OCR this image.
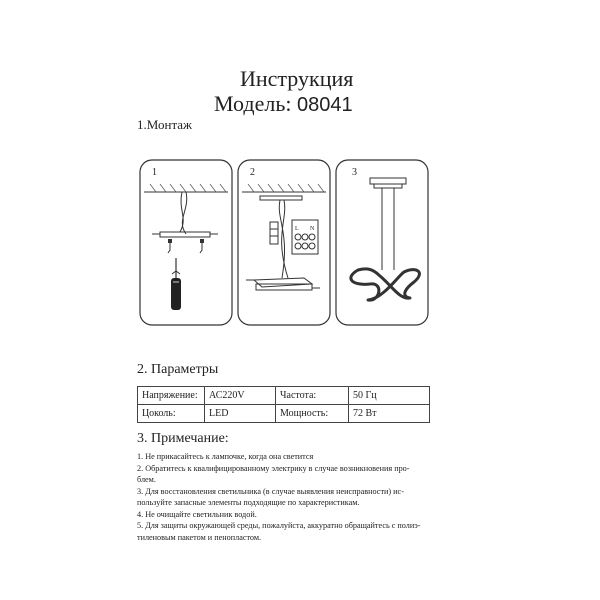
Инструкция
Модель: 08041
1.Монтаж
1	2
L N
3
2. Параметры
Напряжение:	АС220V	Частота:	50 Гц
Цоколь:	LED	Мощность:	72 Вт
3. Примечание:
1. Не прикасайтесь к лампочке, когда она светится
2. Обратитесь к квалифицированному электрику в случае возникновения про-
блем.
3. Для восстановления светильника (в случае выявления неисправности) ис-
пользуйте запасные элементы подходящие по характеристикам.
4. Не очищайте светильник водой.
5. Для защиты окружающей среды, пожалуйста, аккуратно обращайтесь с полиэ-
тиленовым пакетом и пенопластом.
